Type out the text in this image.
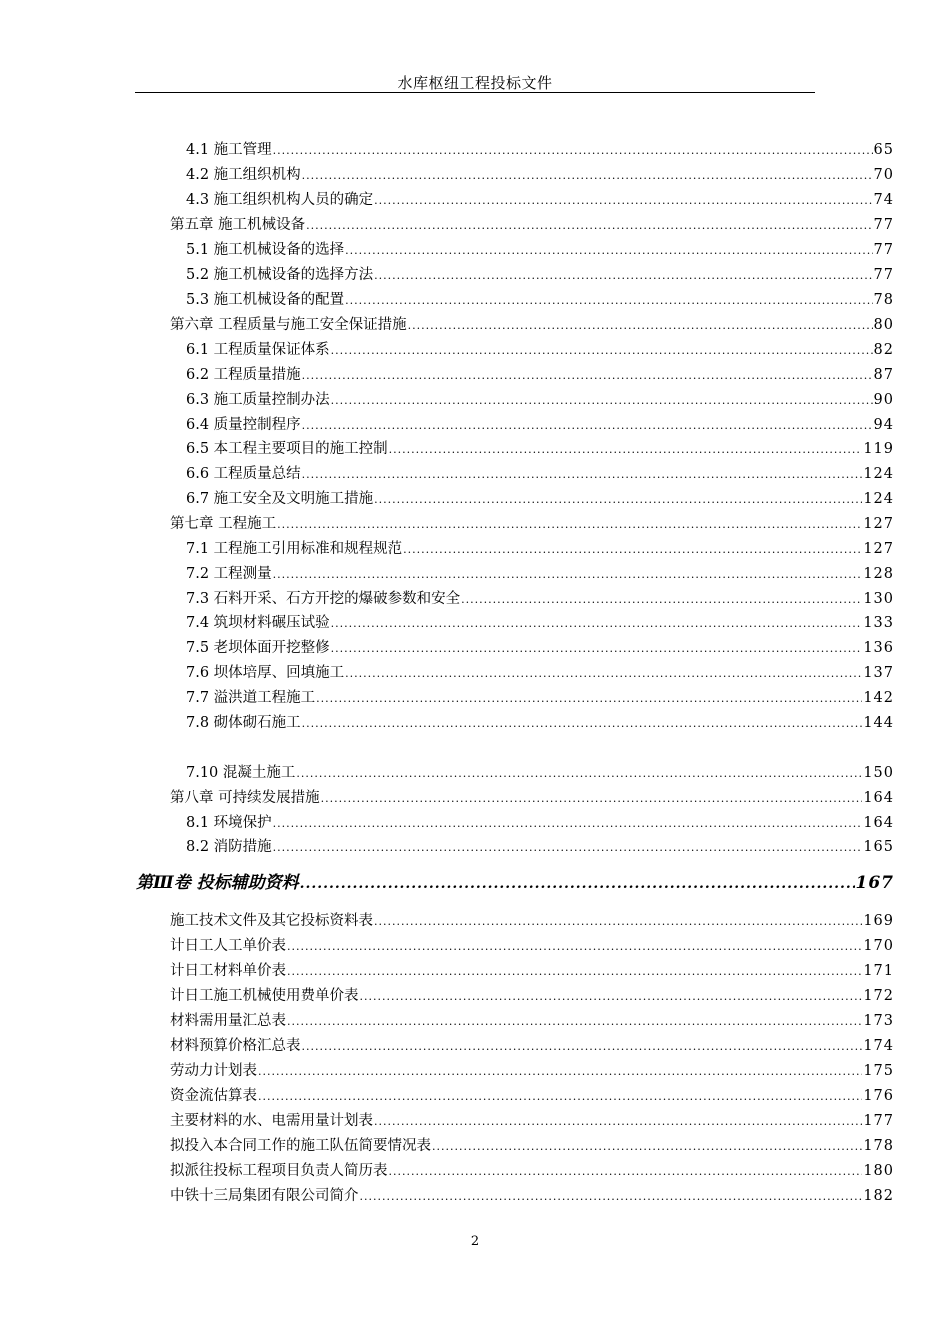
水库枢纽工程投标文件
4.1 施工管理 .....	65
4.2 施工组织机构 .....	70
4.3 施工组织机构人员的确定 .....	74
第五章 施工机械设备 .....	77
5.1 施工机械设备的选择 .....	77
5.2 施工机械设备的选择方法 .....	77
5.3 施工机械设备的配置 .....	78
第六章 工程质量与施工安全保证措施 .....	80
6.1 工程质量保证体系 .....	82
6.2 工程质量措施 .....	87
6.3 施工质量控制办法 .....	90
6.4 质量控制程序 .....	94
6.5 本工程主要项目的施工控制 .....	119
6.6 工程质量总结 .....	124
6.7 施工安全及文明施工措施 .....	124
第七章 工程施工 .....	127
7.1 工程施工引用标准和规程规范 .....	127
7.2 工程测量 .....	128
7.3 石料开采、石方开挖的爆破参数和安全 .....	130
7.4 筑坝材料碾压试验 .....	133
7.5 老坝体面开挖整修 .....	136
7.6 坝体培厚、回填施工 .....	137
7.7 溢洪道工程施工 .....	142
7.8 砌体砌石施工 .....	144
7.10 混凝土施工 .....	150
第八章 可持续发展措施 .....	164
8.1 环境保护 .....	164
8.2 消防措施 .....	165
第Ⅲ卷 投标辅助资料 .....	167
施工技术文件及其它投标资料表 .....	169
计日工人工单价表 .....	170
计日工材料单价表 .....	171
计日工施工机械使用费单价表 .....	172
材料需用量汇总表 .....	173
材料预算价格汇总表 .....	174
劳动力计划表 .....	175
资金流估算表 .....	176
主要材料的水、电需用量计划表 .....	177
拟投入本合同工作的施工队伍简要情况表 .....	178
拟派往投标工程项目负责人简历表 .....	180
中铁十三局集团有限公司简介 .....	182
2
